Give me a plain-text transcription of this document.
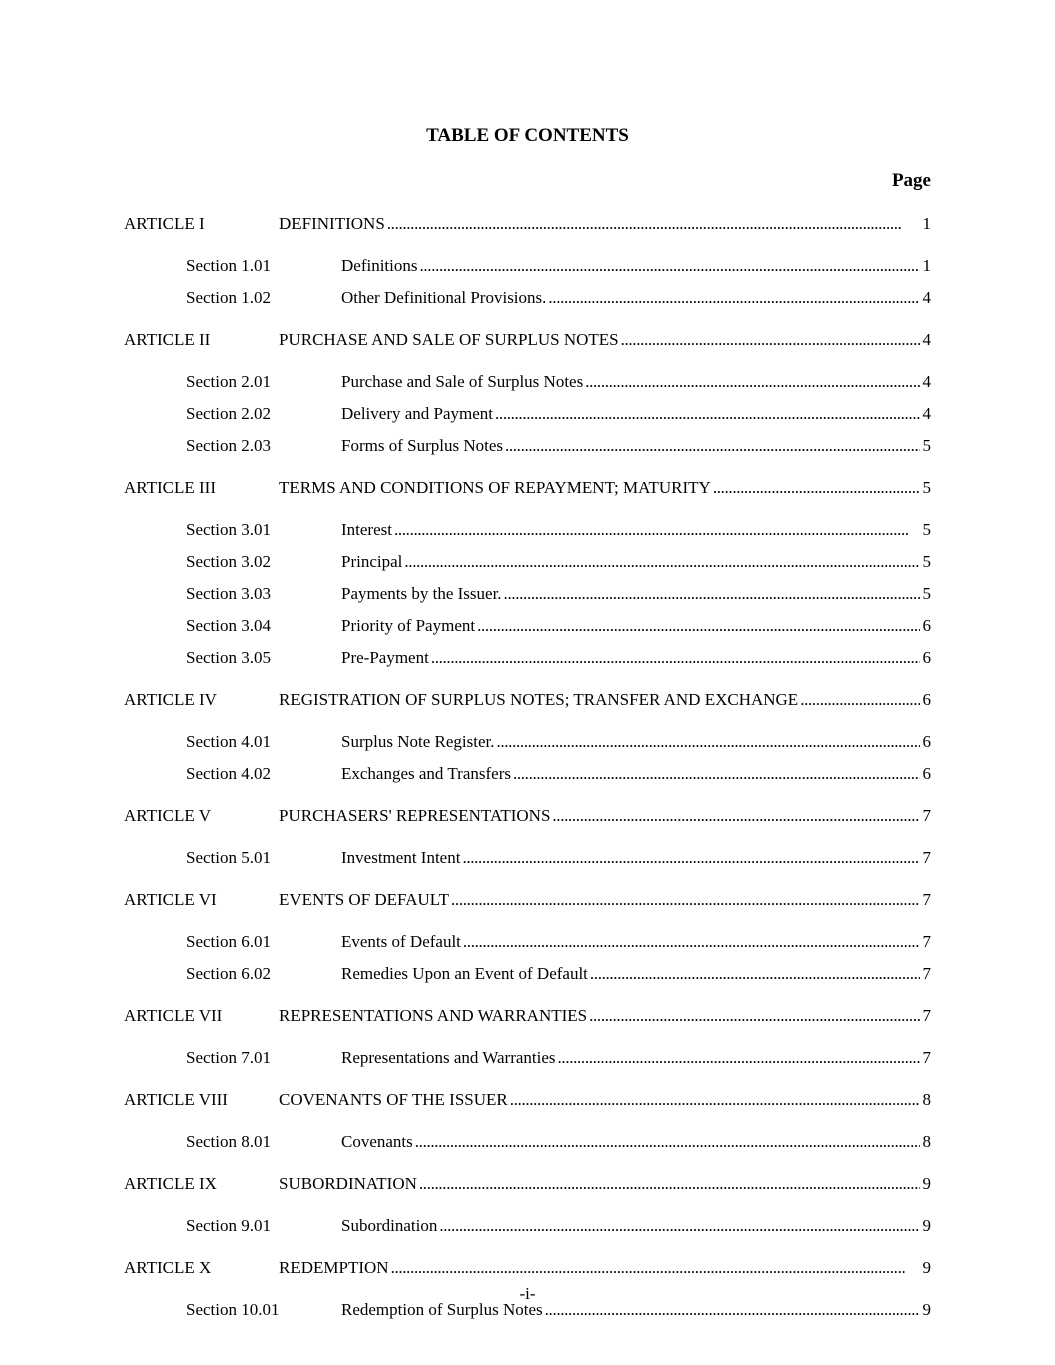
TABLE OF CONTENTS
Page
ARTICLE I	DEFINITIONS . . .	1
Section 1.01	Definitions . . .	1
Section 1.02	Other Definitional Provisions. . . .	4
ARTICLE II	PURCHASE AND SALE OF SURPLUS NOTES . . .	4
Section 2.01	Purchase and Sale of Surplus Notes . . .	4
Section 2.02	Delivery and Payment . . .	4
Section 2.03	Forms of Surplus Notes . . .	5
ARTICLE III	TERMS AND CONDITIONS OF REPAYMENT; MATURITY . . .	5
Section 3.01	Interest . . .	5
Section 3.02	Principal . . .	5
Section 3.03	Payments by the Issuer. . . .	5
Section 3.04	Priority of Payment . . .	6
Section 3.05	Pre-Payment . . .	6
ARTICLE IV	REGISTRATION OF SURPLUS NOTES; TRANSFER AND EXCHANGE . . .	6
Section 4.01	Surplus Note Register. . . .	6
Section 4.02	Exchanges and Transfers . . .	6
ARTICLE V	PURCHASERS' REPRESENTATIONS . . .	7
Section 5.01	Investment Intent . . .	7
ARTICLE VI	EVENTS OF DEFAULT . . .	7
Section 6.01	Events of Default . . .	7
Section 6.02	Remedies Upon an Event of Default . . .	7
ARTICLE VII	REPRESENTATIONS AND WARRANTIES . . .	7
Section 7.01	Representations and Warranties . . .	7
ARTICLE VIII	COVENANTS OF THE ISSUER . . .	8
Section 8.01	Covenants . . .	8
ARTICLE IX	SUBORDINATION . . .	9
Section 9.01	Subordination . . .	9
ARTICLE X	REDEMPTION . . .	9
Section 10.01	Redemption of Surplus Notes . . .	9
-i-
